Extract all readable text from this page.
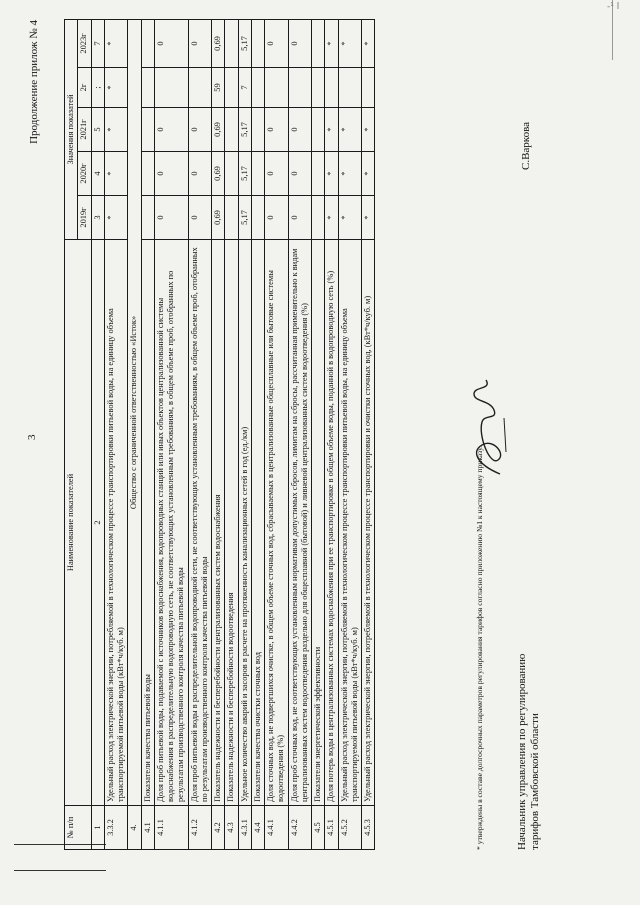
-¹ l
3
Продолжение прилож № 4
№ п/п	Наименование показателей	Значения показатей				
		2019г	2020г	2021г	2г	2023г
1	2	3	4	5	;	7
3.3.2	Удельный расход электрической энергии, потребляемой в технологическом процессе транспортировки питьевой воды, на единицу объема транспортируемой питьевой воды (кВт*ч/куб. м)	*	*	*	*	*
4.	Общество с ограниченной ответственностью «Исток»					
4.1	Показатели качества питьевой воды					
4.1.1	Доля проб питьевой воды, подаваемой с источников водоснабжения, водопроводных станций или иных объектов централизованной системы водоснабжения в распределительную водопроводную сеть, не соответствующих установленным требованиям, в общем объеме проб, отобранных по результатам производственного контроля качества питьевой воды	0	0	0		0
4.1.2	Доля проб питьевой воды в распределительной водопроводной сети, не соответствующих установленным требованиям, в общем объеме проб, отобранных по результатам производственного контроля качества питьевой воды	0	0	0		0
4.2	Показатель надежности и бесперебойности централизованных систем водоснабжения	0,69	0,69	0,69	59	0,69
4.3	Показатель надежности и бесперебойности водоотведения					
4.3.1	Удельное количество аварий и засоров в расчете на протяженность канализационных сетей в год (ед./км)	5,17	5,17	5,17	7	5,17
4.4	Показатели качества очистки сточных вод					
4.4.1	Доля сточных вод, не подвергшихся очистке, в общем объеме сточных вод, сбрасываемых в централизованные общесплавные или бытовые системы водоотведения (%)	0	0	0		0
4.4.2	Доля проб сточных вод, не соответствующих установленным нормативам допустимых сбросов, лимитам на сбросы, рассчитанная применительно к видам централизованных систем водоотведения раздельно для общесплавной (бытовой) и ливневой централизованных систем водоотведения (%)	0	0	0		0
4.5	Показатели энергетической эффективности					
4.5.1	Доля потерь воды в централизованных системах водоснабжения при ее транспортировке в общем объеме воды, поданной в водопроводную сеть (%)	*	*	*		*
4.5.2	Удельный расход электрической энергии, потребляемой в технологическом процессе транспортировки питьевой воды, на единицу объема транспортируемой питьевой воды (кВт*ч/куб. м)	*	*	*		*
4.5.3	Удельный расход электрической энергии, потребляемой в технологическом процессе транспортировки и очистки сточных вод, (кВт*ч/куб. м)	*	*	*		*
* утверждены в составе долгосрочных параметров регулирования тарифов согласно приложению №1 к настоящему приказу.	Начальник управления по регулированию тарифов Тамбовской области
С.Варкова
